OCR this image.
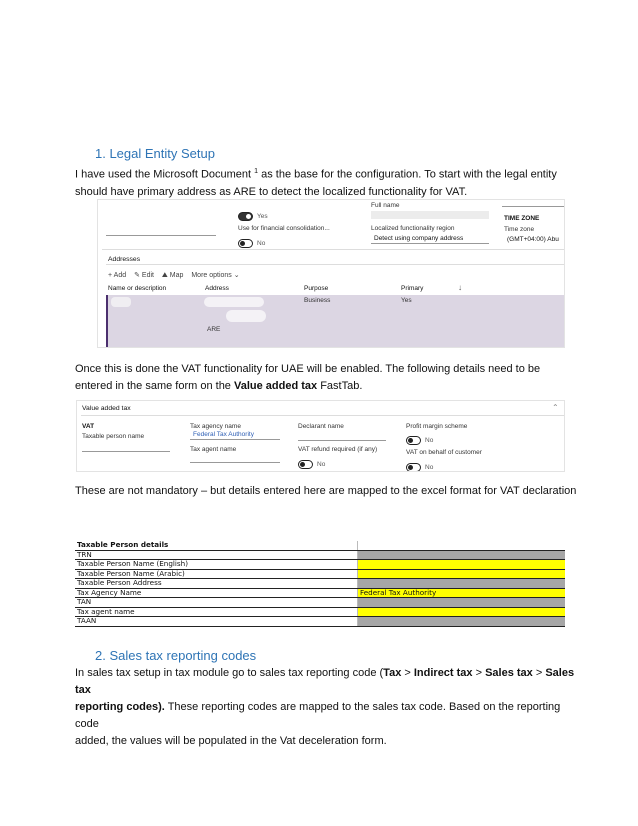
1. Legal Entity Setup
I have used the Microsoft Document $^1$ as the base for the configuration. To start with the legal entity
should have primary address as ARE to detect the localized functionality for VAT.
Yes
Use for financial consolidation...
No
Full name
Localized functionality region
Detect using company address
TIME ZONE
Time zone
(GMT+04:00) Abu
Addresses
+ Add ✎ Edit ⛰ Map More options ⌄
Name or description	Address	Purpose	Primary	↓
ARE
Business	Yes
Once this is done the VAT functionality for UAE will be enabled. The following details need to be
entered in the same form on the Value added tax FastTab.
Value added tax	⌃
VAT
Taxable person name
Tax agency name
Federal Tax Authority
Tax agent name
Declarant name
VAT refund required (if any)
No
Profit margin scheme
No
VAT on behalf of customer
No
These are not mandatory – but details entered here are mapped to the excel format for VAT declaration
Taxable Person details	
TRN	
Taxable Person Name (English)	
Taxable Person Name (Arabic)	
Taxable Person Address	
Tax Agency Name	Federal Tax Authority
TAN	
Tax agent name	
TAAN	
2. Sales tax reporting codes
In sales tax setup in tax module go to sales tax reporting code (Tax > Indirect tax > Sales tax > Sales tax
reporting codes). These reporting codes are mapped to the sales tax code. Based on the reporting code
added, the values will be populated in the Vat deceleration form.
